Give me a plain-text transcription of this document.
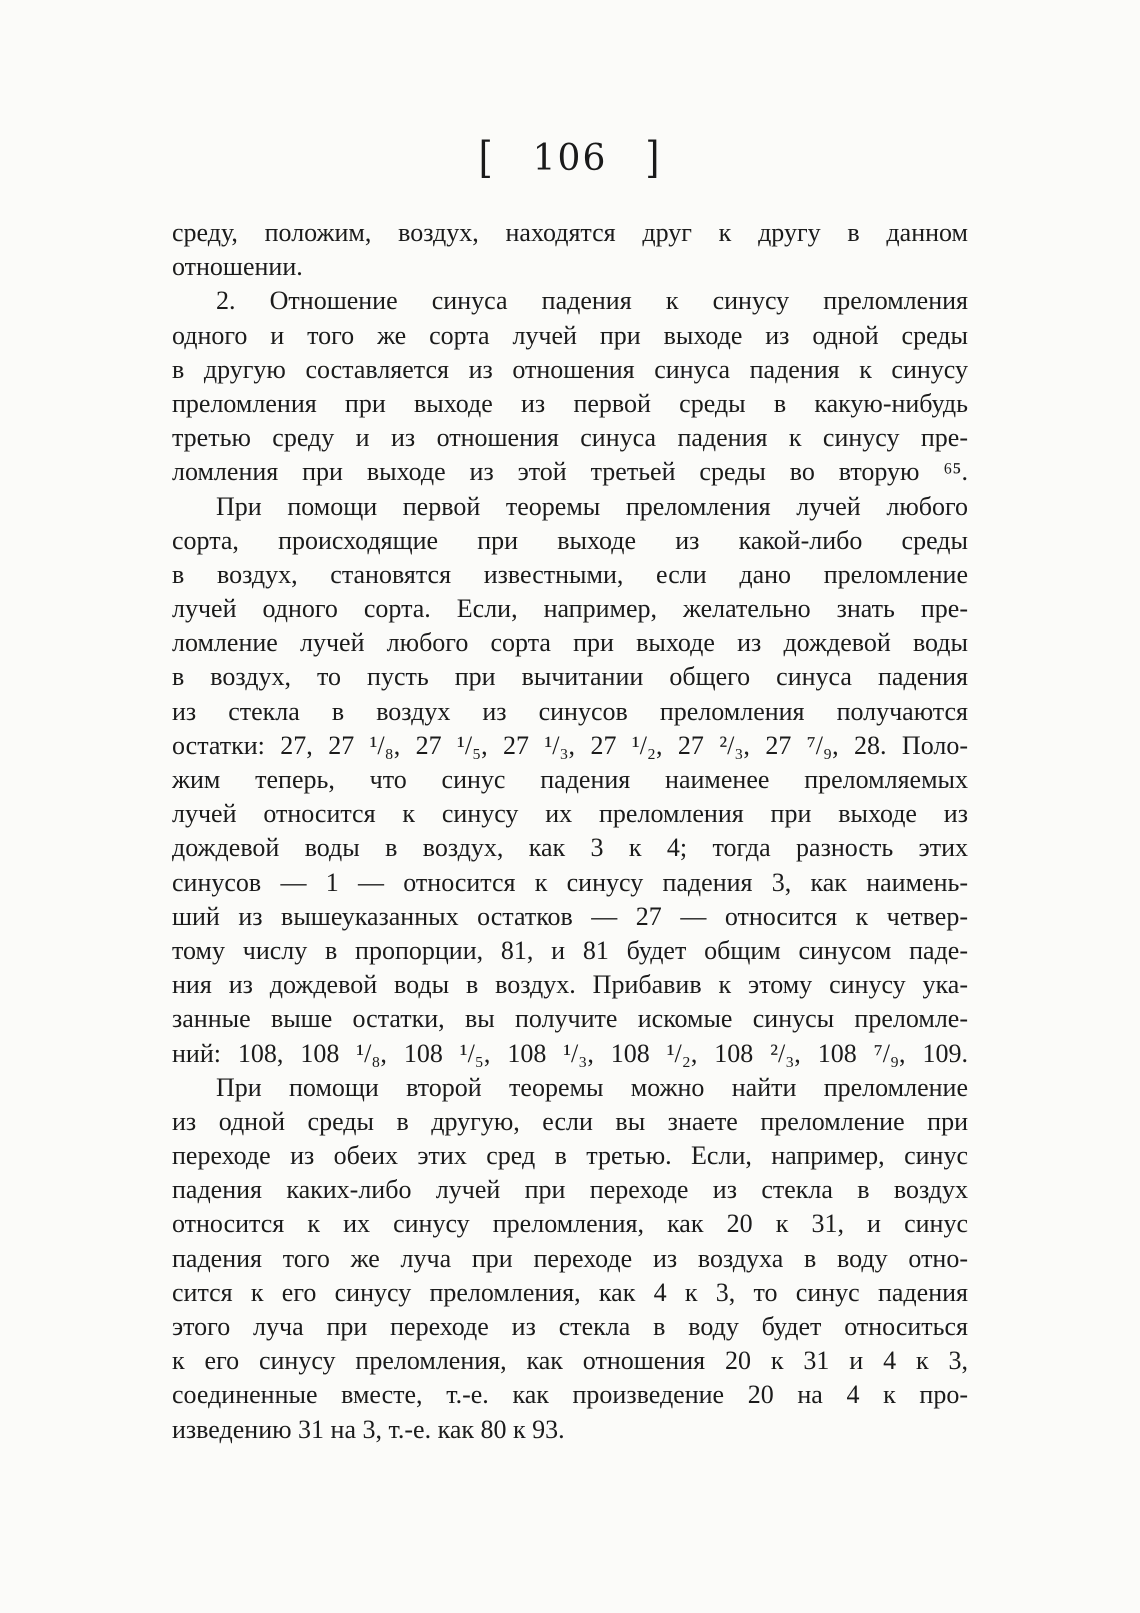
[ 106 ]
среду, положим, воздух, находятся друг к другу в данном
отношении.
2. Отношение синуса падения к синусу преломления
одного и того же сорта лучей при выходе из одной среды
в другую составляется из отношения синуса падения к синусу
преломления при выходе из первой среды в какую-нибудь
третью среду и из отношения синуса падения к синусу пре-
ломления при выходе из этой третьей среды во вторую ⁶⁵.
При помощи первой теоремы преломления лучей любого
сорта, происходящие при выходе из какой-либо среды
в воздух, становятся известными, если дано преломление
лучей одного сорта. Если, например, желательно знать пре-
ломление лучей любого сорта при выходе из дождевой воды
в воздух, то пусть при вычитании общего синуса падения
из стекла в воздух из синусов преломления получаются
остатки: 27, 27 ¹/₈, 27 ¹/₅, 27 ¹/₃, 27 ¹/₂, 27 ²/₃, 27 ⁷/₉, 28. Поло-
жим теперь, что синус падения наименее преломляемых
лучей относится к синусу их преломления при выходе из
дождевой воды в воздух, как 3 к 4; тогда разность этих
синусов — 1 — относится к синусу падения 3, как наимень-
ший из вышеуказанных остатков — 27 — относится к четвер-
тому числу в пропорции, 81, и 81 будет общим синусом паде-
ния из дождевой воды в воздух. Прибавив к этому синусу ука-
занные выше остатки, вы получите искомые синусы преломле-
ний: 108, 108 ¹/₈, 108 ¹/₅, 108 ¹/₃, 108 ¹/₂, 108 ²/₃, 108 ⁷/₉, 109.
При помощи второй теоремы можно найти преломление
из одной среды в другую, если вы знаете преломление при
переходе из обеих этих сред в третью. Если, например, синус
падения каких-либо лучей при переходе из стекла в воздух
относится к их синусу преломления, как 20 к 31, и синус
падения того же луча при переходе из воздуха в воду отно-
сится к его синусу преломления, как 4 к 3, то синус падения
этого луча при переходе из стекла в воду будет относиться
к его синусу преломления, как отношения 20 к 31 и 4 к 3,
соединенные вместе, т.-е. как произведение 20 на 4 к про-
изведению 31 на 3, т.-е. как 80 к 93.
